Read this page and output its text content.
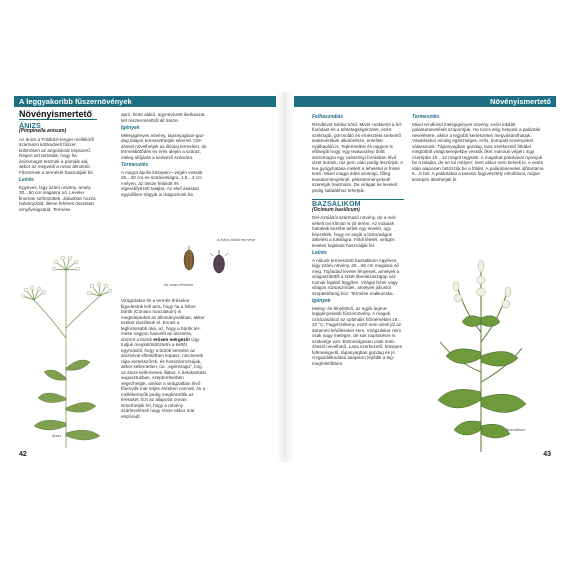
A leggyakoribb fűszernövények
Növényismertető
ÁNIZS
(Pimpinella anisum)

Az ánizs a Földközi-tenger mellékiről származó közkedvelt fűszer, különösen az angoloknál népszerű. Régen azt tartották, hogy ha ánizsmagot tesznek a párnáik alá, akkor az megvédi a rossz álmoktól. Fűszernek a termését használják fel.

Leírás

Egyéves, lágy szárú növény, amely 30…50 cm magasra nő. Levelei finoman szőrözöttek. Júliusban hozza halványzöld, illetve fehéres összetett ernyővirágzatát. Termése

apró, körte alakú, ügynevezett ikerkaszat két részterméstből áll össze.

Igények

Melegigényes növény, tápanyagban-gazdag talajon termeszthetjük sikerrel. Ontzéssel növelhetjük az illóolaj termelést, de terméskötődés és érés idején a száraz, meleg időjárás a kedvező számára.

Termesztés

A magot április közepén—végén vessük 25…30 cm-es sortávolságra, 1,5…2 cm mélyen, az össze felásott és elgereblyézett talajba. Az első ásással egyidőben trágyát is dolgozzunk be.

A foltos bürök termése
Az ánizs termése

Virágzáskor és a termés érésekor figyelmünk kell arra, hogy ha a foltos bürök (Conium maculatum) is megtelepedett az állományunkban, akkor ezeket távolítsuk el. Ennek a legfontosabb oka, az, hogy a bürök termése nagyon hasonlít az ánizséra, viszont a bürök erősen mérgező! Úgy tudjuk megkülönböztetni a kettőt egymástól, hogy a bürök termése az ánizséval ellentétben kopasz, nincsenek rajta sertesszőrök, és hosszdorozsújak, akkor kellemetlen, ún. „egérszagú”, míg az ánizs kellemesen illatos. A betakarítást augusztusban, szeptemberben végezhetjük, amikor a virágzatban lévő főernyők már teljes érésben vannak, és a mellékernyők pedig megközelítik az érésüket. Ezt az állapotot onnan ismerhetjük fel, hogy a növény szárlevelének nagy része ekkor már elszáradt.

Ánizs
42
Növényismertető
Felhasználás

Rendkívül széles körű. Mivel csökkenti a felfúvódást és a tehtetegségérzetet, ezért székhajtó, görcsoldó és emésztést serkentő teakeverékek alkotórésze, emellett nyálkaoldó is. Tejtermelést és nagyon is elősegíti hogy, egy teakanálnyi őrölt ánizsmagra egy csészényi forrásban lévő vizet öntünk, ráz perc után pedig leszűrjük. A tea gyógyhatása mellett a leheletet is frissé teszi. Mivel magja édes aromájú, főleg teasüteményeknél, péksüteményeknél szeretjük használni. De virágait és leveleit pedig salátákhoz tehetjük.

BAZSALIKOM
(Ocimum basilicum)

Dél-Ázsiából származó növény, de a mérsékelt övi klímán is jól terem. Az indiaiak halottaik kezébe tették egy levelét, úgy képzelték, hogy ez segíti a biztonságos átkelést a túlvilágra. Földi lételét, virágos leveles hajtásait használják fel.

Leírás

A nálunk termesztett bazsalikom egyéves, lágy szárú növény, 40…60 cm magasra nő meg. Tojásdad levelei fényesek, amelyek a világoszöldtől a sötét liberalizasztgöp változnak fajtától függően. Virágai fehér vagy világos rózsaszínűek, amelyek júliustól szeptemberig hoz. Termése makkocska.

Igények

Meleg- és fényfeltvő, az egyik legmelegigényesebb fűszernövény. A magok csírázásához az optimális hőmérséklet 18…22 °C. Fagyérzékeny, ezért nem viseli jól az átmeneti lehűléseket sem. Virágzáskor nem csak nagy melegre, de sok napsütésre is szüksége van. Biztonságosan csak öntözéssel nevelhető. Laza szerkezetű, közepes feltmelegedő, tápanyagban gazdag és jó vízgazdálkodású talajokon fejlődik a legmegfelelőbben.

Termesztés

Mivel rendkívül melegigényes növény, ezért inkább palántanevelését szaporítjuk. Ha nincs elég helyünk a palánták nevelésére, akkor a legjobb kertészeten megvásárolhatjuk. Vásárláskor mindig egészséges, erős, kompakt növényeket válasszunk. Tápanyagban gazdag, laza szerkezetű földdel megtöltött virágcserepekbe vessük őket március végén. Egy cserépbe 10…12 magot tegyünk. A magokat pálcikával nyomjuk be a talajba, de ne túl mélyen; mert akkor nem kelnek ki. A vetés után alaposan öntözzük be a földet. A palántaneveles idôtartama 6…8 hét. A palántákat a tavaszi fagyvesztély elmúltával, május közepén ültethetjük ki.

Bazsalikom
43
